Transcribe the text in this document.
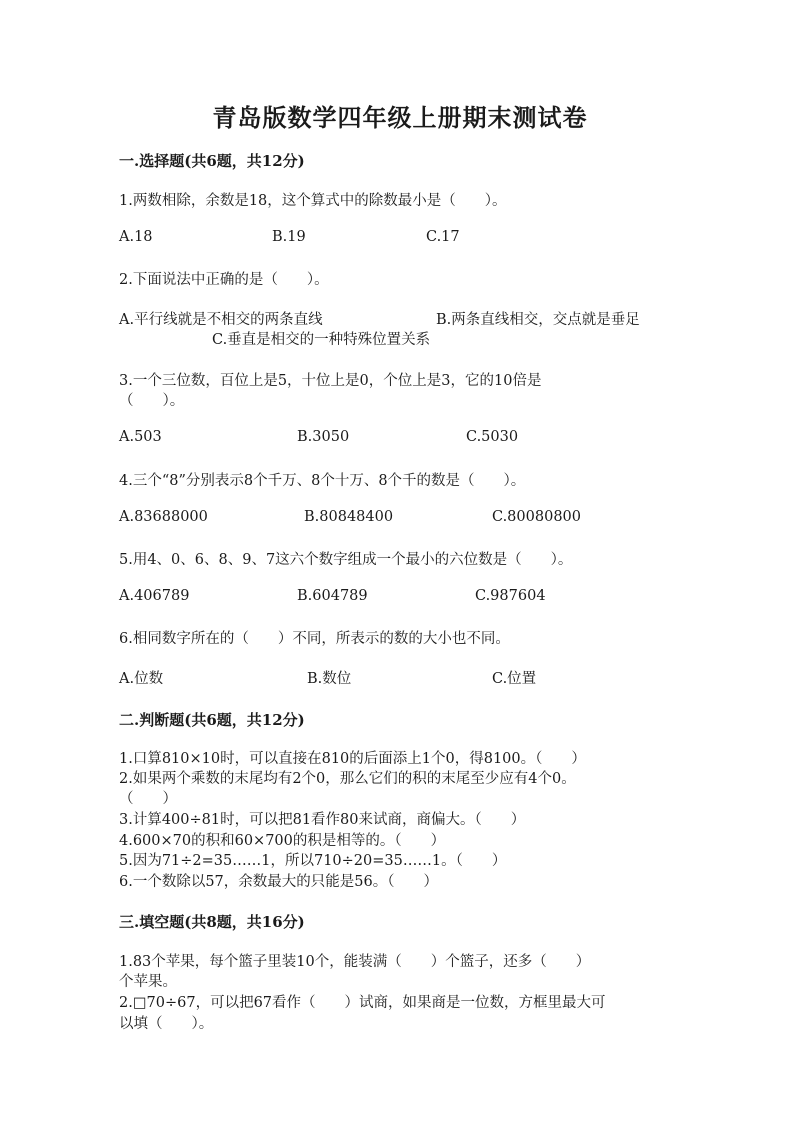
青岛版数学四年级上册期末测试卷
一.选择题(共6题，共12分)
1.两数相除，余数是18，这个算式中的除数最小是（　　）。
A.18	B.19	C.17
2.下面说法中正确的是（　　）。
A.平行线就是不相交的两条直线	B.两条直线相交，交点就是垂足
C.垂直是相交的一种特殊位置关系
3.一个三位数，百位上是5，十位上是0，个位上是3，它的10倍是
（　　）。
A.503	B.3050	C.5030
4.三个“8”分别表示8个千万、8个十万、8个千的数是（　　）。
A.83688000	B.80848400	C.80080800
5.用4、0、6、8、9、7这六个数字组成一个最小的六位数是（　　）。
A.406789	B.604789	C.987604
6.相同数字所在的（　　）不同，所表示的数的大小也不同。
A.位数	B.数位	C.位置
二.判断题(共6题，共12分)
1.口算810×10时，可以直接在810的后面添上1个0，得8100。（　　）
2.如果两个乘数的末尾均有2个0，那么它们的积的末尾至少应有4个0。
（　　）
3.计算400÷81时，可以把81看作80来试商，商偏大。（　　）
4.600×70的积和60×700的积是相等的。（　　）
5.因为71÷2=35……1，所以710÷20=35……1。（　　）
6.一个数除以57，余数最大的只能是56。（　　）
三.填空题(共8题，共16分)
1.83个苹果，每个篮子里装10个，能装满（　　）个篮子，还多（　　）
个苹果。
2.□70÷67，可以把67看作（　　）试商，如果商是一位数，方框里最大可
以填（　　）。
